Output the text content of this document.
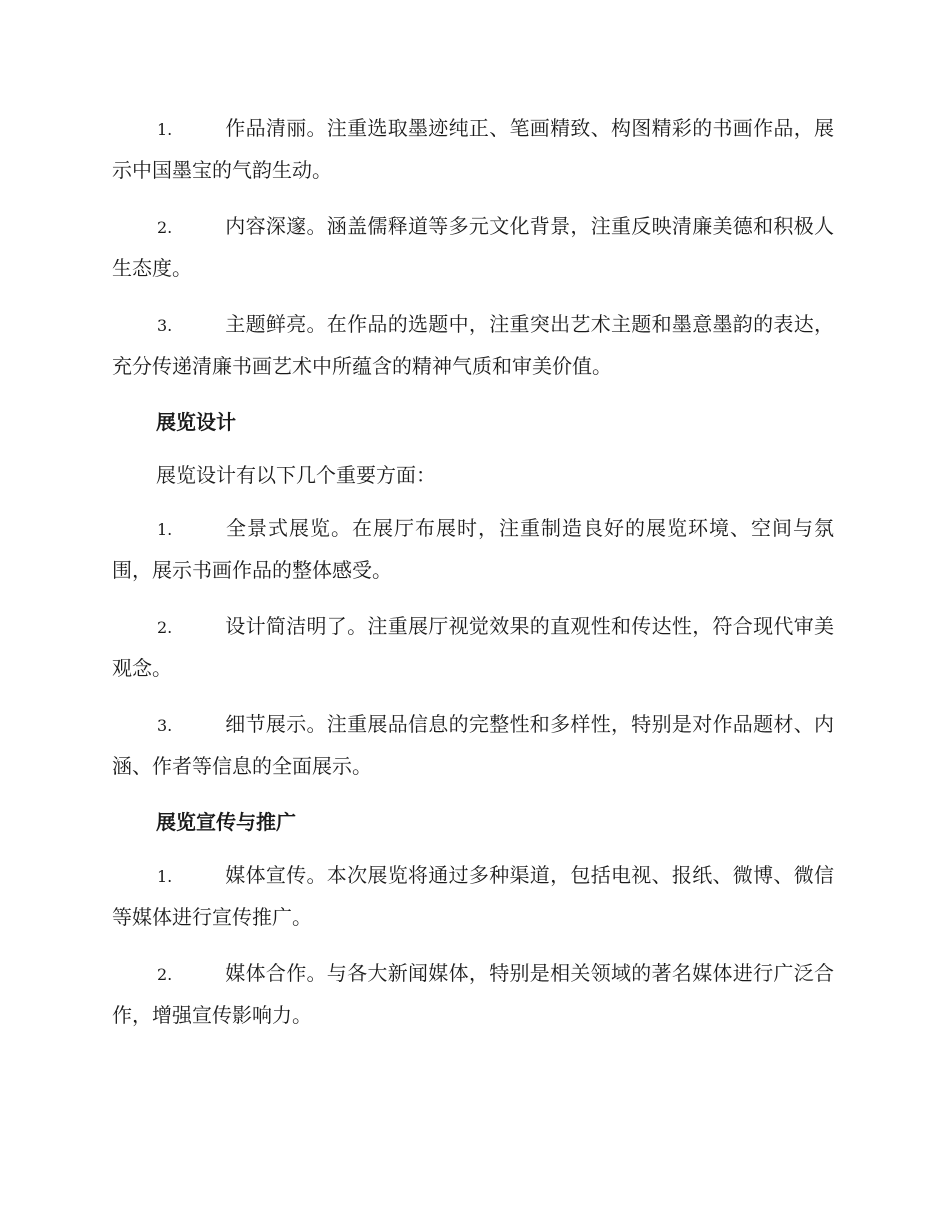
1.	作品清丽。注重选取墨迹纯正、笔画精致、构图精彩的书画作品，展示中国墨宝的气韵生动。

2.	内容深邃。涵盖儒释道等多元文化背景，注重反映清廉美德和积极人生态度。

3.	主题鲜亮。在作品的选题中，注重突出艺术主题和墨意墨韵的表达，充分传递清廉书画艺术中所蕴含的精神气质和审美价值。

展览设计

展览设计有以下几个重要方面：

1.	全景式展览。在展厅布展时，注重制造良好的展览环境、空间与氛围，展示书画作品的整体感受。

2.	设计简洁明了。注重展厅视觉效果的直观性和传达性，符合现代审美观念。

3.	细节展示。注重展品信息的完整性和多样性，特别是对作品题材、内涵、作者等信息的全面展示。

展览宣传与推广

1.	媒体宣传。本次展览将通过多种渠道，包括电视、报纸、微博、微信等媒体进行宣传推广。

2.	媒体合作。与各大新闻媒体，特别是相关领域的著名媒体进行广泛合作，增强宣传影响力。
